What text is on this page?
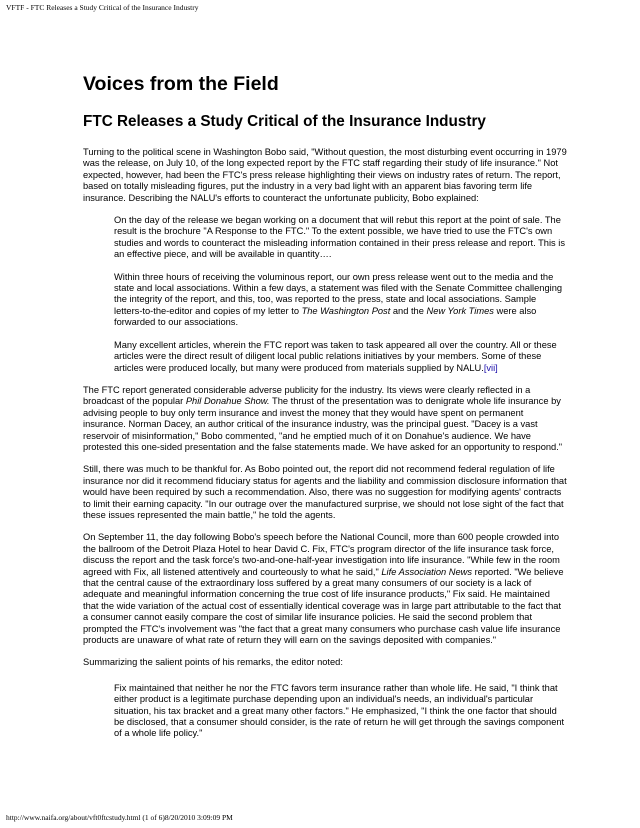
VFTF - FTC Releases a Study Critical of the Insurance Industry
Voices from the Field
FTC Releases a Study Critical of the Insurance Industry

Turning to the political scene in Washington Bobo said, "Without question, the most disturbing event occurring in 1979 was the release, on July 10, of the long expected report by the FTC staff regarding their study of life insurance." Not expected, however, had been the FTC's press release highlighting their views on industry rates of return. The report, based on totally misleading figures, put the industry in a very bad light with an apparent bias favoring term life insurance. Describing the NALU's efforts to counteract the unfortunate publicity, Bobo explained:

On the day of the release we began working on a document that will rebut this report at the point of sale. The result is the brochure "A Response to the FTC." To the extent possible, we have tried to use the FTC's own studies and words to counteract the misleading information contained in their press release and report. This is an effective piece, and will be available in quantity….

Within three hours of receiving the voluminous report, our own press release went out to the media and the state and local associations. Within a few days, a statement was filed with the Senate Committee challenging the integrity of the report, and this, too, was reported to the press, state and local associations. Sample letters-to-the-editor and copies of my letter to The Washington Post and the New York Times were also forwarded to our associations.

Many excellent articles, wherein the FTC report was taken to task appeared all over the country. All or these articles were the direct result of diligent local public relations initiatives by your members. Some of these articles were produced locally, but many were produced from materials supplied by NALU.[vii]

The FTC report generated considerable adverse publicity for the industry. Its views were clearly reflected in a broadcast of the popular Phil Donahue Show. The thrust of the presentation was to denigrate whole life insurance by advising people to buy only term insurance and invest the money that they would have spent on permanent insurance. Norman Dacey, an author critical of the insurance industry, was the principal guest. "Dacey is a vast reservoir of misinformation," Bobo commented, "and he emptied much of it on Donahue's audience. We have protested this one-sided presentation and the false statements made. We have asked for an opportunity to respond."

Still, there was much to be thankful for. As Bobo pointed out, the report did not recommend federal regulation of life insurance nor did it recommend fiduciary status for agents and the liability and commission disclosure information that would have been required by such a recommendation. Also, there was no suggestion for modifying agents' contracts to limit their earning capacity. "In our outrage over the manufactured surprise, we should not lose sight of the fact that these issues represented the main battle," he told the agents.

On September 11, the day following Bobo's speech before the National Council, more than 600 people crowded into the ballroom of the Detroit Plaza Hotel to hear David C. Fix, FTC's program director of the life insurance task force, discuss the report and the task force's two-and-one-half-year investigation into life insurance. "While few in the room agreed with Fix, all listened attentively and courteously to what he said," Life Association News reported. "We believe that the central cause of the extraordinary loss suffered by a great many consumers of our society is a lack of adequate and meaningful information concerning the true cost of life insurance products," Fix said. He maintained that the wide variation of the actual cost of essentially identical coverage was in large part attributable to the fact that a consumer cannot easily compare the cost of similar life insurance policies. He said the second problem that prompted the FTC's involvement was "the fact that a great many consumers who purchase cash value life insurance products are unaware of what rate of return they will earn on the savings deposited with companies."

Summarizing the salient points of his remarks, the editor noted:

Fix maintained that neither he nor the FTC favors term insurance rather than whole life. He said, "I think that either product is a legitimate purchase depending upon an individual's needs, an individual's particular situation, his tax bracket and a great many other factors." He emphasized, "I think the one factor that should be disclosed, that a consumer should consider, is the rate of return he will get through the savings component of a whole life policy."

http://www.naifa.org/about/vft0ftcstudy.html (1 of 6)8/20/2010 3:09:09 PM
